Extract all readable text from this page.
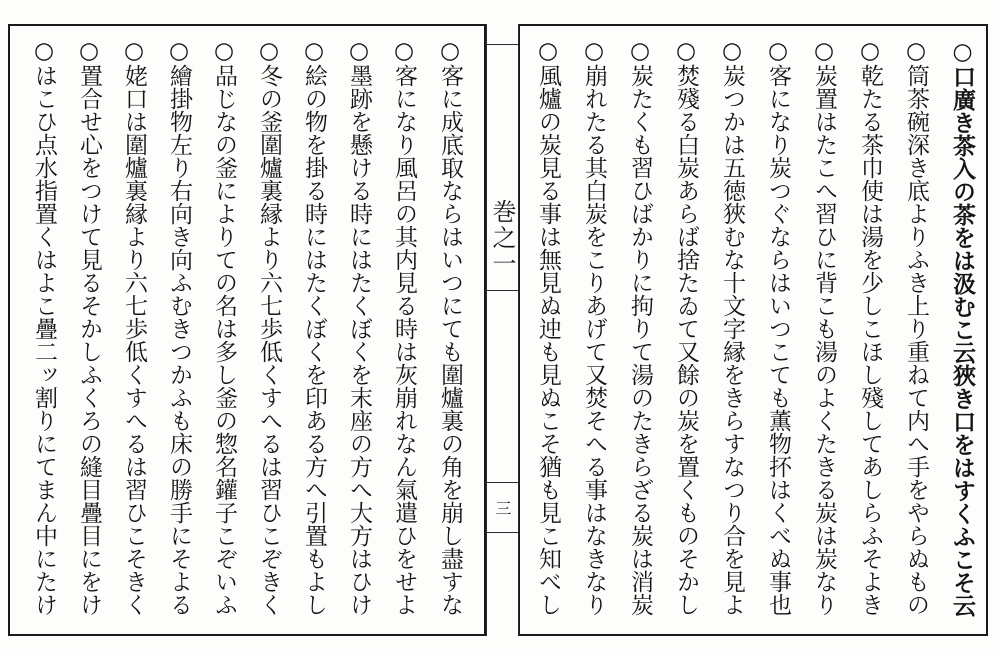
巻之一
三	○口廣き茶入の茶をは汲むこ云狹き口をはすくふこそ云
○筒茶碗深き底よりふき上り重ねて内へ手をやらぬもの
○乾たる茶巾使は湯を少しこほし殘してあしらふそよき
○炭置はたこへ習ひに背こも湯のよくたきる炭は炭なり
○客になり炭つぐならはいつこても薫物抔はくべぬ事也
○炭つかは五徳狹むな十文字縁をきらすなつり合を見よ
○焚殘る白炭あらば捨たゐて又餘の炭を置くものそかし
○炭たくも習ひばかりに拘りて湯のたきらざる炭は消炭
○崩れたる其白炭をこりあげて又焚そへる事はなきなり
○風爐の炭見る事は無見ぬ迚も見ぬこそ猶も見こ知べし
○客に成底取ならはいつにても圍爐裏の角を崩し盡すな
○客になり風呂の其内見る時は灰崩れなん氣遣ひをせよ
○墨跡を懸ける時にはたくぼくを末座の方へ大方はひけ
○絵の物を掛る時にはたくぼくを印ある方へ引置もよし
○冬の釜圍爐裏縁より六七歩低くすへるは習ひこぞきく
○品じなの釜によりての名は多し釜の惣名鑵子こぞいふ
○繪掛物左り右向き向ふむきつかふも床の勝手にそよる
○姥口は圍爐裏縁より六七歩低くすへるは習ひこそきく
○置合せ心をつけて見るそかしふくろの縫目疊目にをけ
○はこひ点水指置くはよこ疊二ッ割りにてまん中にたけ
